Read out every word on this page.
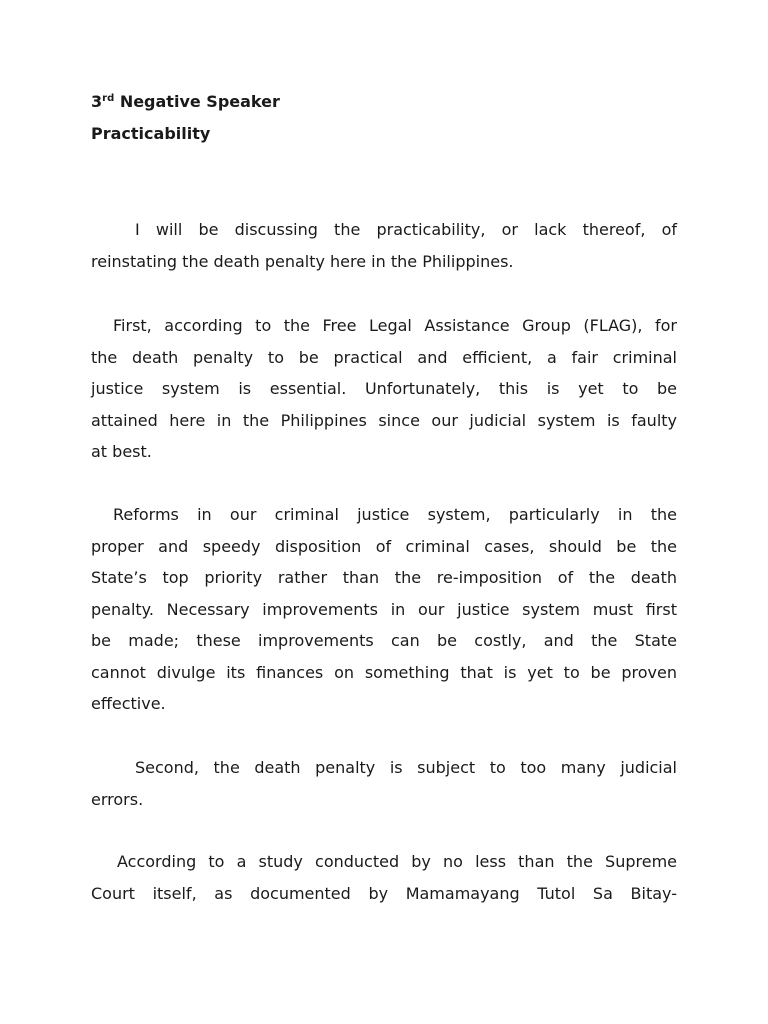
3rd Negative Speaker
Practicability
I will be discussing the practicability, or lack thereof, of
reinstating the death penalty here in the Philippines.
First, according to the Free Legal Assistance Group (FLAG), for
the death penalty to be practical and efficient, a fair criminal
justice system is essential. Unfortunately, this is yet to be
attained here in the Philippines since our judicial system is faulty
at best.
Reforms in our criminal justice system, particularly in the
proper and speedy disposition of criminal cases, should be the
State’s top priority rather than the re-imposition of the death
penalty. Necessary improvements in our justice system must first
be made; these improvements can be costly, and the State
cannot divulge its finances on something that is yet to be proven
effective.
Second, the death penalty is subject to too many judicial
errors.
According to a study conducted by no less than the Supreme
Court itself, as documented by Mamamayang Tutol Sa Bitay-
